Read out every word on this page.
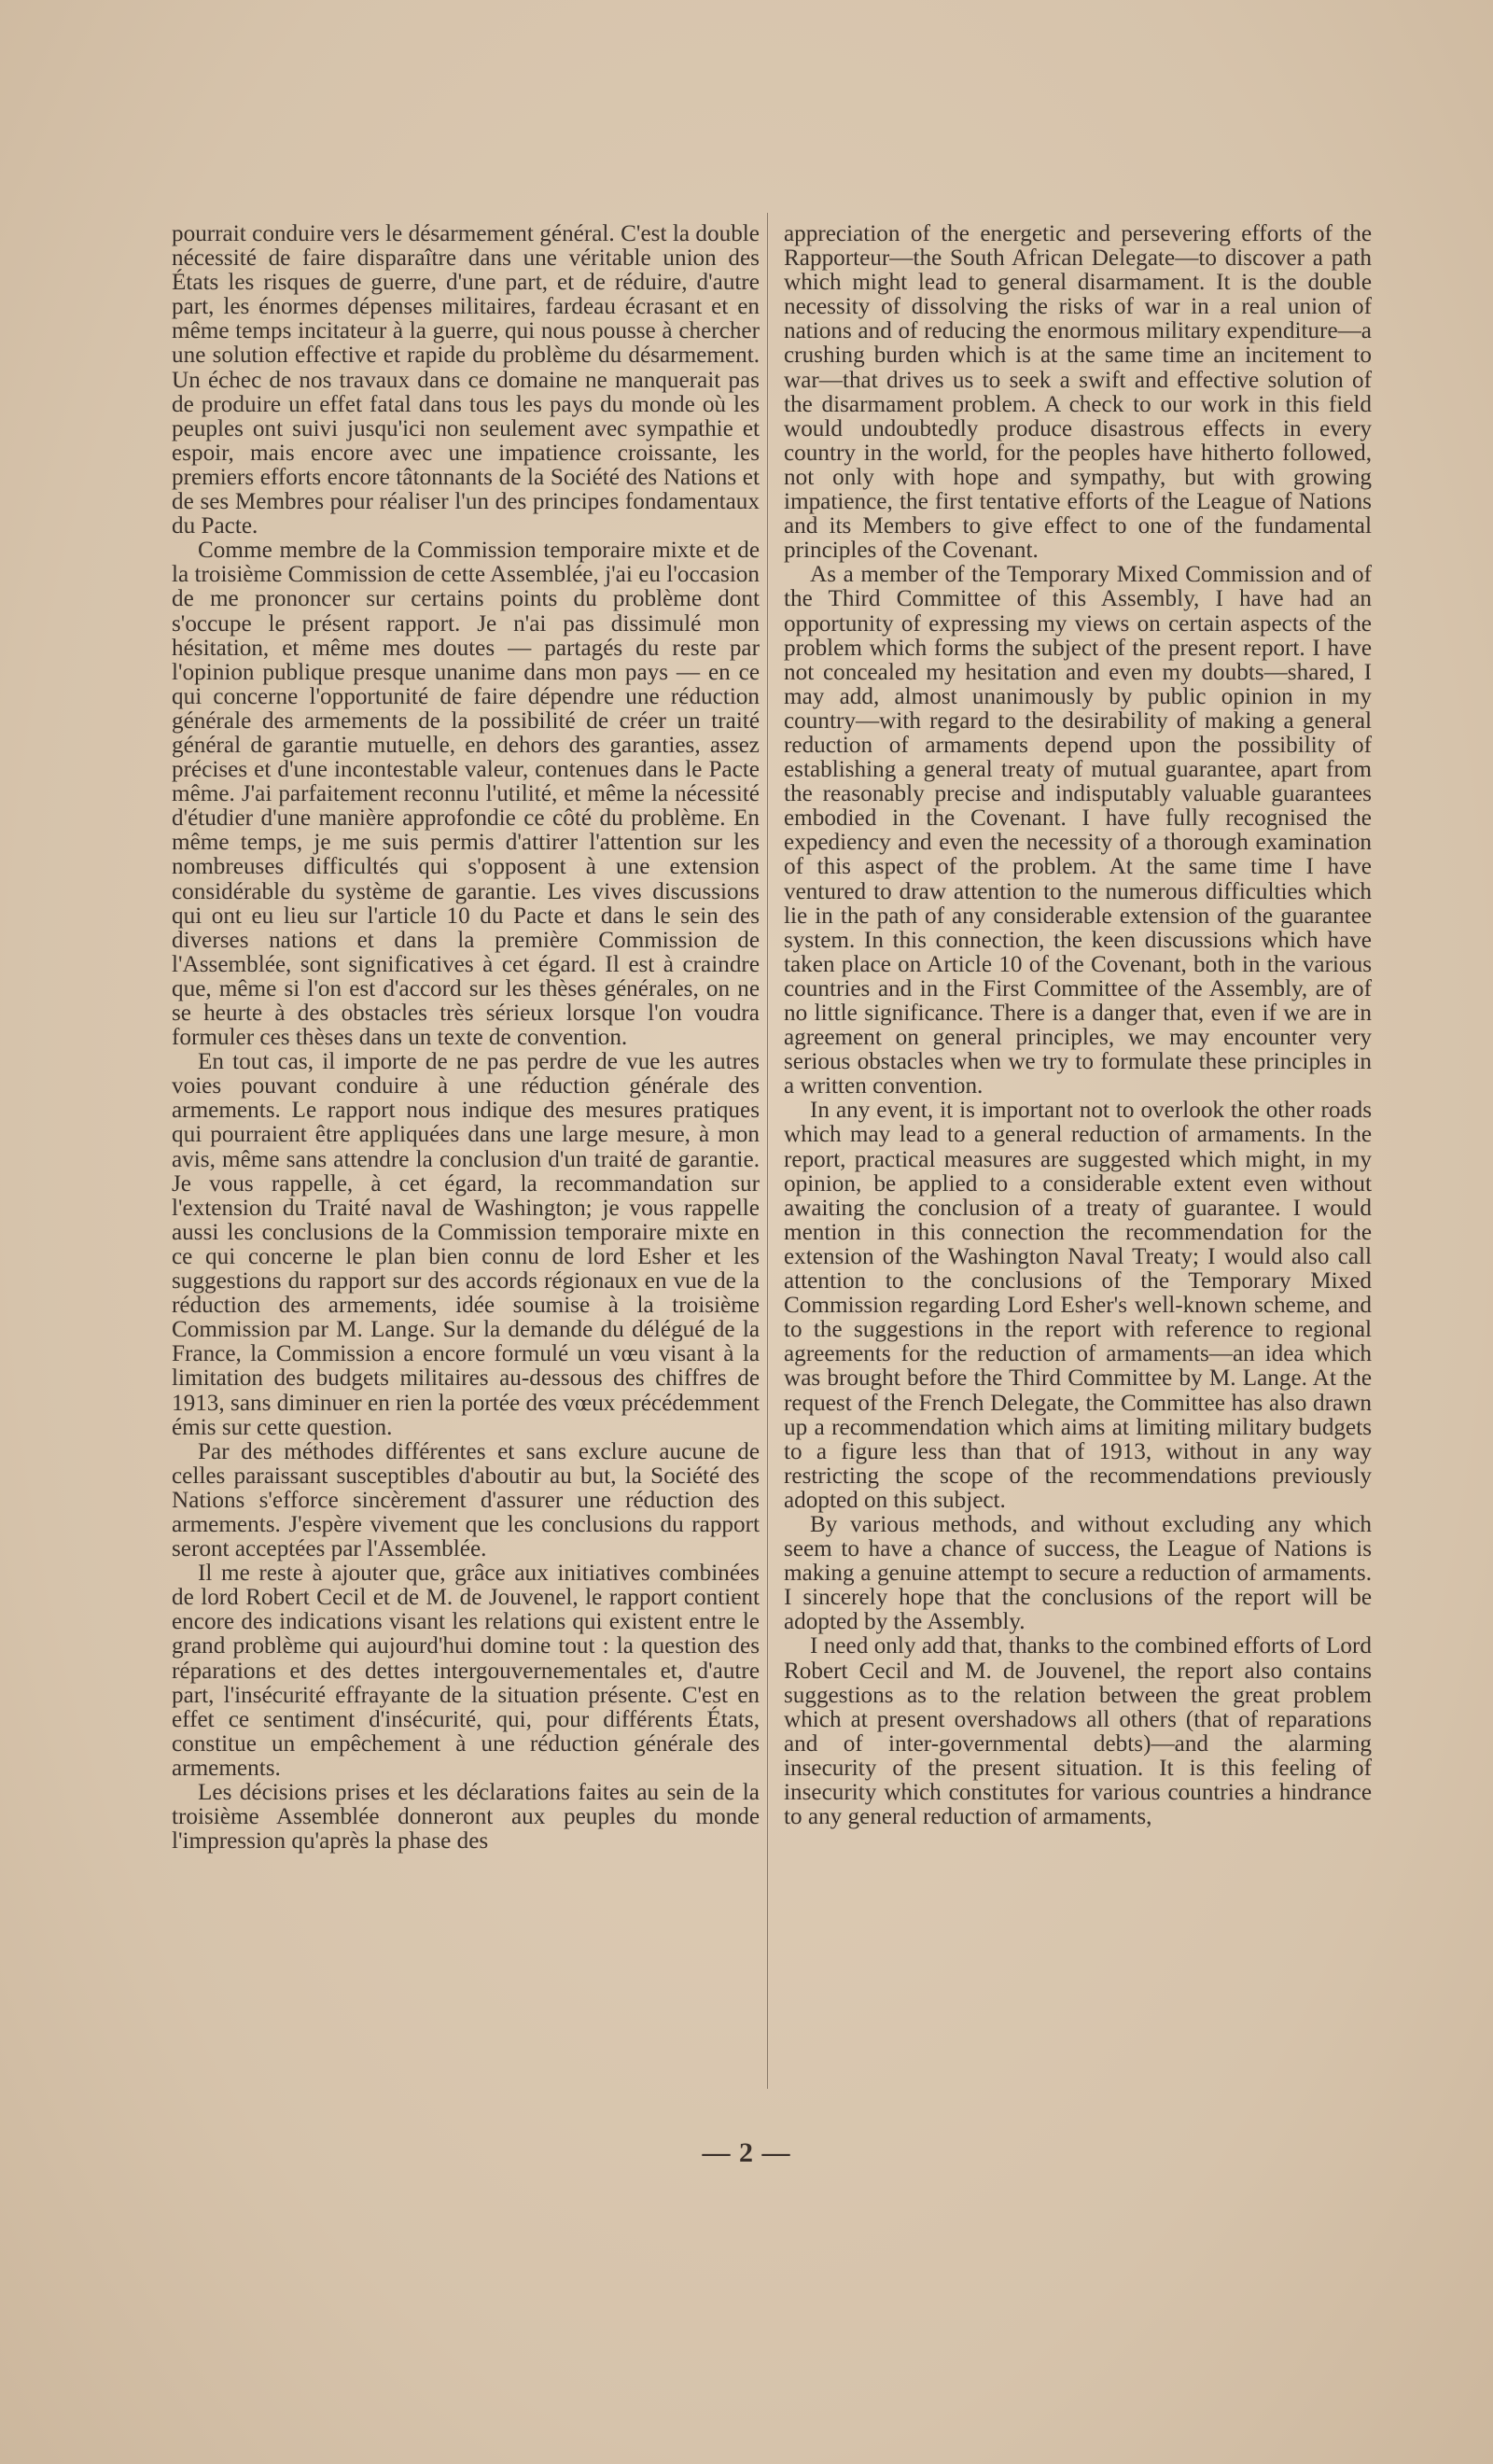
pourrait conduire vers le désarmement général. C'est la double nécessité de faire disparaître dans une véritable union des États les risques de guerre, d'une part, et de réduire, d'autre part, les énormes dépenses militaires, fardeau écrasant et en même temps incitateur à la guerre, qui nous pousse à chercher une solution effective et rapide du problème du désarmement. Un échec de nos travaux dans ce domaine ne manquerait pas de produire un effet fatal dans tous les pays du monde où les peuples ont suivi jusqu'ici non seulement avec sympathie et espoir, mais encore avec une impatience croissante, les premiers efforts encore tâtonnants de la Société des Nations et de ses Membres pour réaliser l'un des principes fondamentaux du Pacte.

Comme membre de la Commission temporaire mixte et de la troisième Commission de cette Assemblée, j'ai eu l'occasion de me prononcer sur certains points du problème dont s'occupe le présent rapport. Je n'ai pas dissimulé mon hésitation, et même mes doutes — partagés du reste par l'opinion publique presque unanime dans mon pays — en ce qui concerne l'opportunité de faire dépendre une réduction générale des armements de la possibilité de créer un traité général de garantie mutuelle, en dehors des garanties, assez précises et d'une incontestable valeur, contenues dans le Pacte même. J'ai parfaitement reconnu l'utilité, et même la nécessité d'étudier d'une manière approfondie ce côté du problème. En même temps, je me suis permis d'attirer l'attention sur les nombreuses difficultés qui s'opposent à une extension considérable du système de garantie. Les vives discussions qui ont eu lieu sur l'article 10 du Pacte et dans le sein des diverses nations et dans la première Commission de l'Assemblée, sont significatives à cet égard. Il est à craindre que, même si l'on est d'accord sur les thèses générales, on ne se heurte à des obstacles très sérieux lorsque l'on voudra formuler ces thèses dans un texte de convention.

En tout cas, il importe de ne pas perdre de vue les autres voies pouvant conduire à une réduction générale des armements. Le rapport nous indique des mesures pratiques qui pourraient être appliquées dans une large mesure, à mon avis, même sans attendre la conclusion d'un traité de garantie. Je vous rappelle, à cet égard, la recommandation sur l'extension du Traité naval de Washington; je vous rappelle aussi les conclusions de la Commission temporaire mixte en ce qui concerne le plan bien connu de lord Esher et les suggestions du rapport sur des accords régionaux en vue de la réduction des armements, idée soumise à la troisième Commission par M. Lange. Sur la demande du délégué de la France, la Commission a encore formulé un vœu visant à la limitation des budgets militaires au-dessous des chiffres de 1913, sans diminuer en rien la portée des vœux précédemment émis sur cette question.

Par des méthodes différentes et sans exclure aucune de celles paraissant susceptibles d'aboutir au but, la Société des Nations s'efforce sincèrement d'assurer une réduction des armements. J'espère vivement que les conclusions du rapport seront acceptées par l'Assemblée.

Il me reste à ajouter que, grâce aux initiatives combinées de lord Robert Cecil et de M. de Jouvenel, le rapport contient encore des indications visant les relations qui existent entre le grand problème qui aujourd'hui domine tout : la question des réparations et des dettes intergouvernementales et, d'autre part, l'insécurité effrayante de la situation présente. C'est en effet ce sentiment d'insécurité, qui, pour différents États, constitue un empêchement à une réduction générale des armements.

Les décisions prises et les déclarations faites au sein de la troisième Assemblée donneront aux peuples du monde l'impression qu'après la phase des

appreciation of the energetic and persevering efforts of the Rapporteur—the South African Delegate—to discover a path which might lead to general disarmament. It is the double necessity of dissolving the risks of war in a real union of nations and of reducing the enormous military expenditure—a crushing burden which is at the same time an incitement to war—that drives us to seek a swift and effective solution of the disarmament problem. A check to our work in this field would undoubtedly produce disastrous effects in every country in the world, for the peoples have hitherto followed, not only with hope and sympathy, but with growing impatience, the first tentative efforts of the League of Nations and its Members to give effect to one of the fundamental principles of the Covenant.

As a member of the Temporary Mixed Commission and of the Third Committee of this Assembly, I have had an opportunity of expressing my views on certain aspects of the problem which forms the subject of the present report. I have not concealed my hesitation and even my doubts—shared, I may add, almost unanimously by public opinion in my country—with regard to the desirability of making a general reduction of armaments depend upon the possibility of establishing a general treaty of mutual guarantee, apart from the reasonably precise and indisputably valuable guarantees embodied in the Covenant. I have fully recognised the expediency and even the necessity of a thorough examination of this aspect of the problem. At the same time I have ventured to draw attention to the numerous difficulties which lie in the path of any considerable extension of the guarantee system. In this connection, the keen discussions which have taken place on Article 10 of the Covenant, both in the various countries and in the First Committee of the Assembly, are of no little significance. There is a danger that, even if we are in agreement on general principles, we may encounter very serious obstacles when we try to formulate these principles in a written convention.

In any event, it is important not to overlook the other roads which may lead to a general reduction of armaments. In the report, practical measures are suggested which might, in my opinion, be applied to a considerable extent even without awaiting the conclusion of a treaty of guarantee. I would mention in this connection the recommendation for the extension of the Washington Naval Treaty; I would also call attention to the conclusions of the Temporary Mixed Commission regarding Lord Esher's well-known scheme, and to the suggestions in the report with reference to regional agreements for the reduction of armaments—an idea which was brought before the Third Committee by M. Lange. At the request of the French Delegate, the Committee has also drawn up a recommendation which aims at limiting military budgets to a figure less than that of 1913, without in any way restricting the scope of the recommendations previously adopted on this subject.

By various methods, and without excluding any which seem to have a chance of success, the League of Nations is making a genuine attempt to secure a reduction of armaments. I sincerely hope that the conclusions of the report will be adopted by the Assembly.

I need only add that, thanks to the combined efforts of Lord Robert Cecil and M. de Jouvenel, the report also contains suggestions as to the relation between the great problem which at present overshadows all others (that of reparations and of inter-governmental debts)—and the alarming insecurity of the present situation. It is this feeling of insecurity which constitutes for various countries a hindrance to any general reduction of armaments,

— 2 —
